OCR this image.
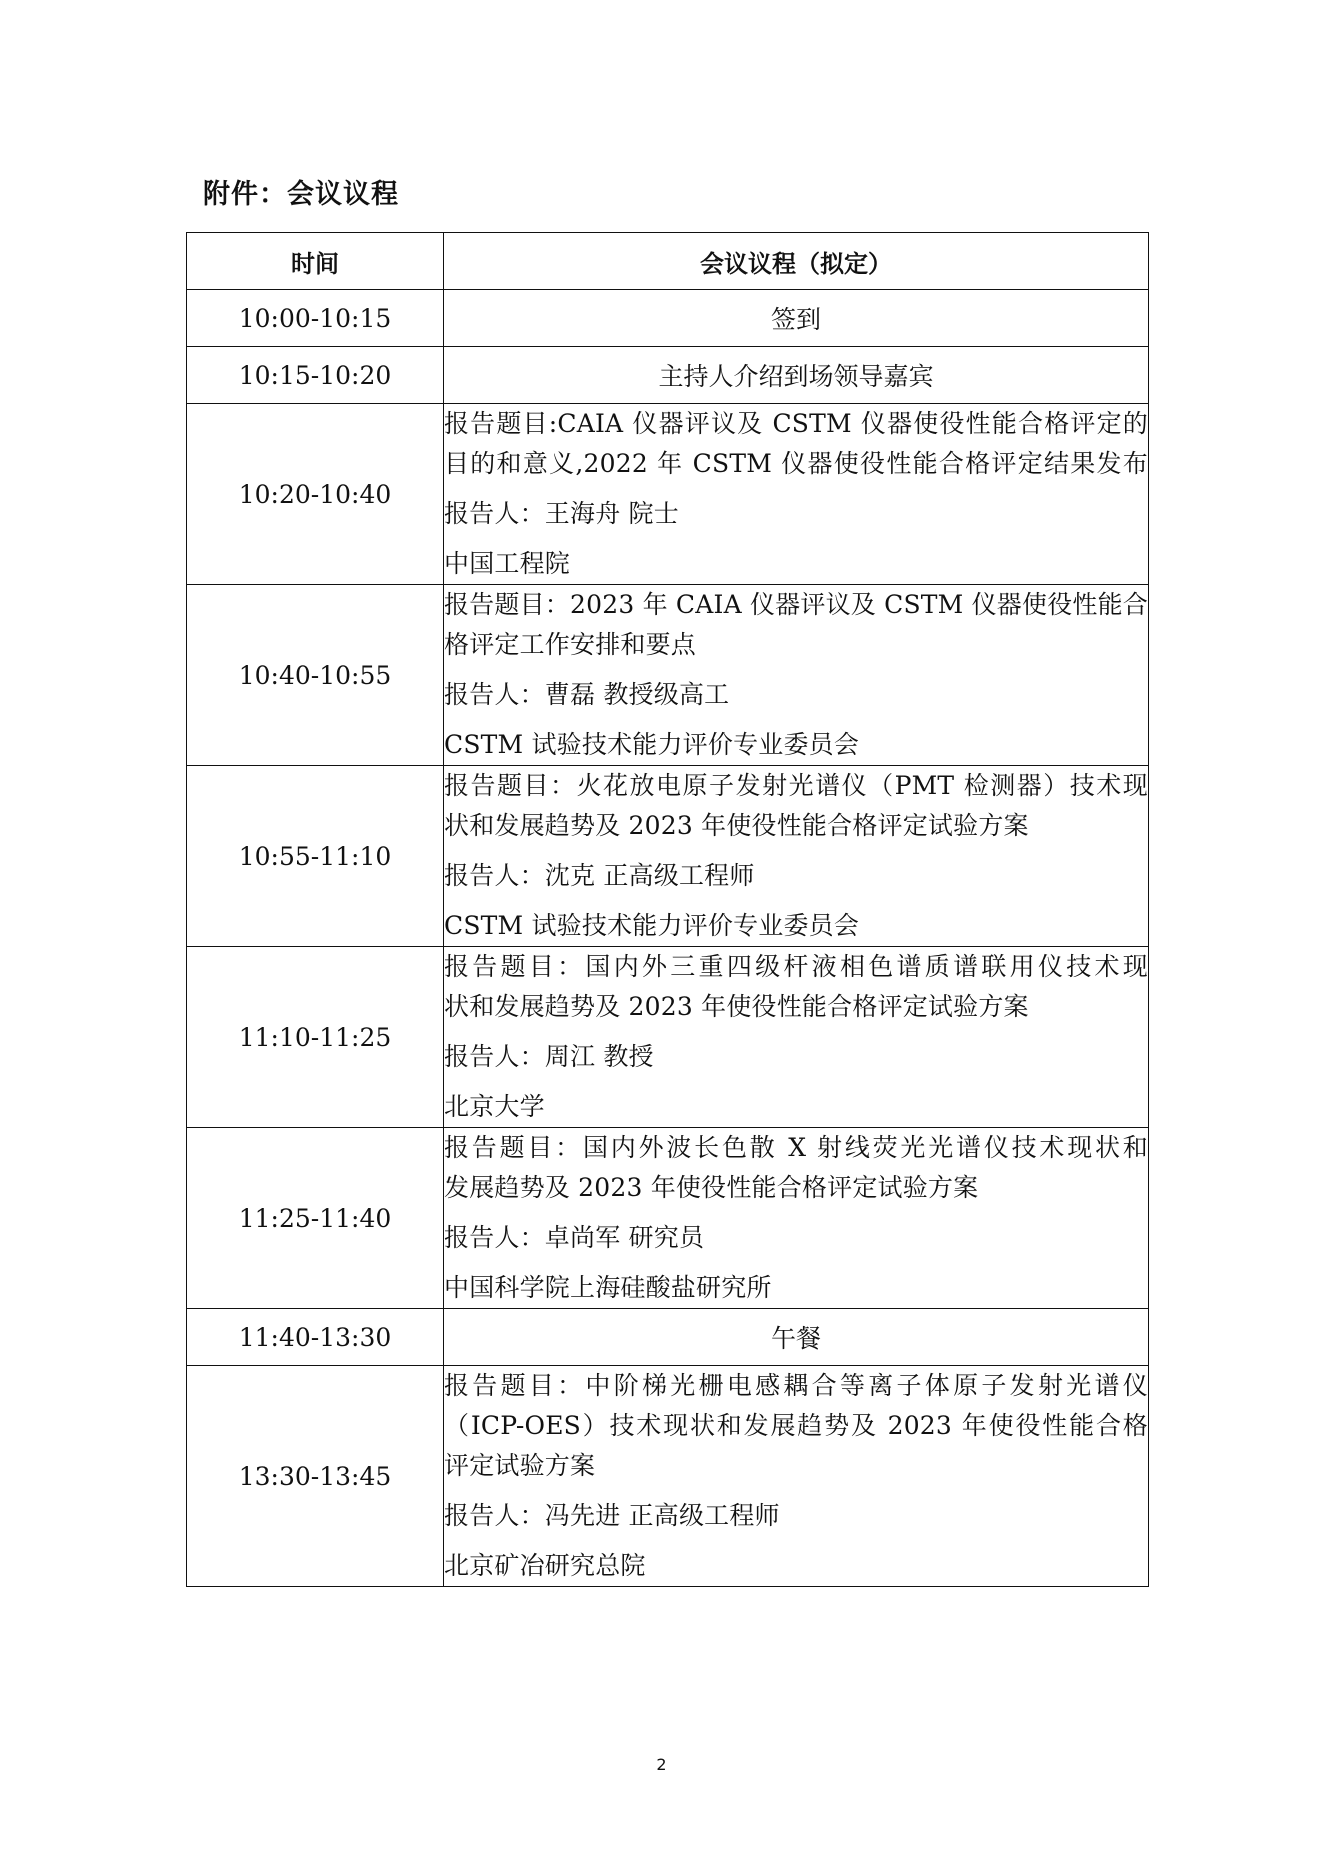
附件：会议议程
时间	会议议程（拟定）
10:00-10:15	签到
10:15-10:20	主持人介绍到场领导嘉宾
10:20-10:40	报告题目:CAIA 仪器评议及 CSTM 仪器使役性能合格评定的
目的和意义,2022 年 CSTM 仪器使役性能合格评定结果发布
报告人：王海舟 院士
中国工程院

10:40-10:55	报告题目：2023 年 CAIA 仪器评议及 CSTM 仪器使役性能合
格评定工作安排和要点
报告人：曹磊 教授级高工
CSTM 试验技术能力评价专业委员会

10:55-11:10	报告题目：火花放电原子发射光谱仪（PMT 检测器）技术现
状和发展趋势及 2023 年使役性能合格评定试验方案
报告人：沈克 正高级工程师
CSTM 试验技术能力评价专业委员会

11:10-11:25	报告题目：国内外三重四级杆液相色谱质谱联用仪技术现
状和发展趋势及 2023 年使役性能合格评定试验方案
报告人：周江 教授
北京大学

11:25-11:40	报告题目：国内外波长色散 X 射线荧光光谱仪技术现状和
发展趋势及 2023 年使役性能合格评定试验方案
报告人：卓尚军 研究员
中国科学院上海硅酸盐研究所

11:40-13:30	午餐
13:30-13:45	报告题目：中阶梯光栅电感耦合等离子体原子发射光谱仪
（ICP-OES）技术现状和发展趋势及 2023 年使役性能合格
评定试验方案
报告人：冯先进 正高级工程师
北京矿冶研究总院
2
